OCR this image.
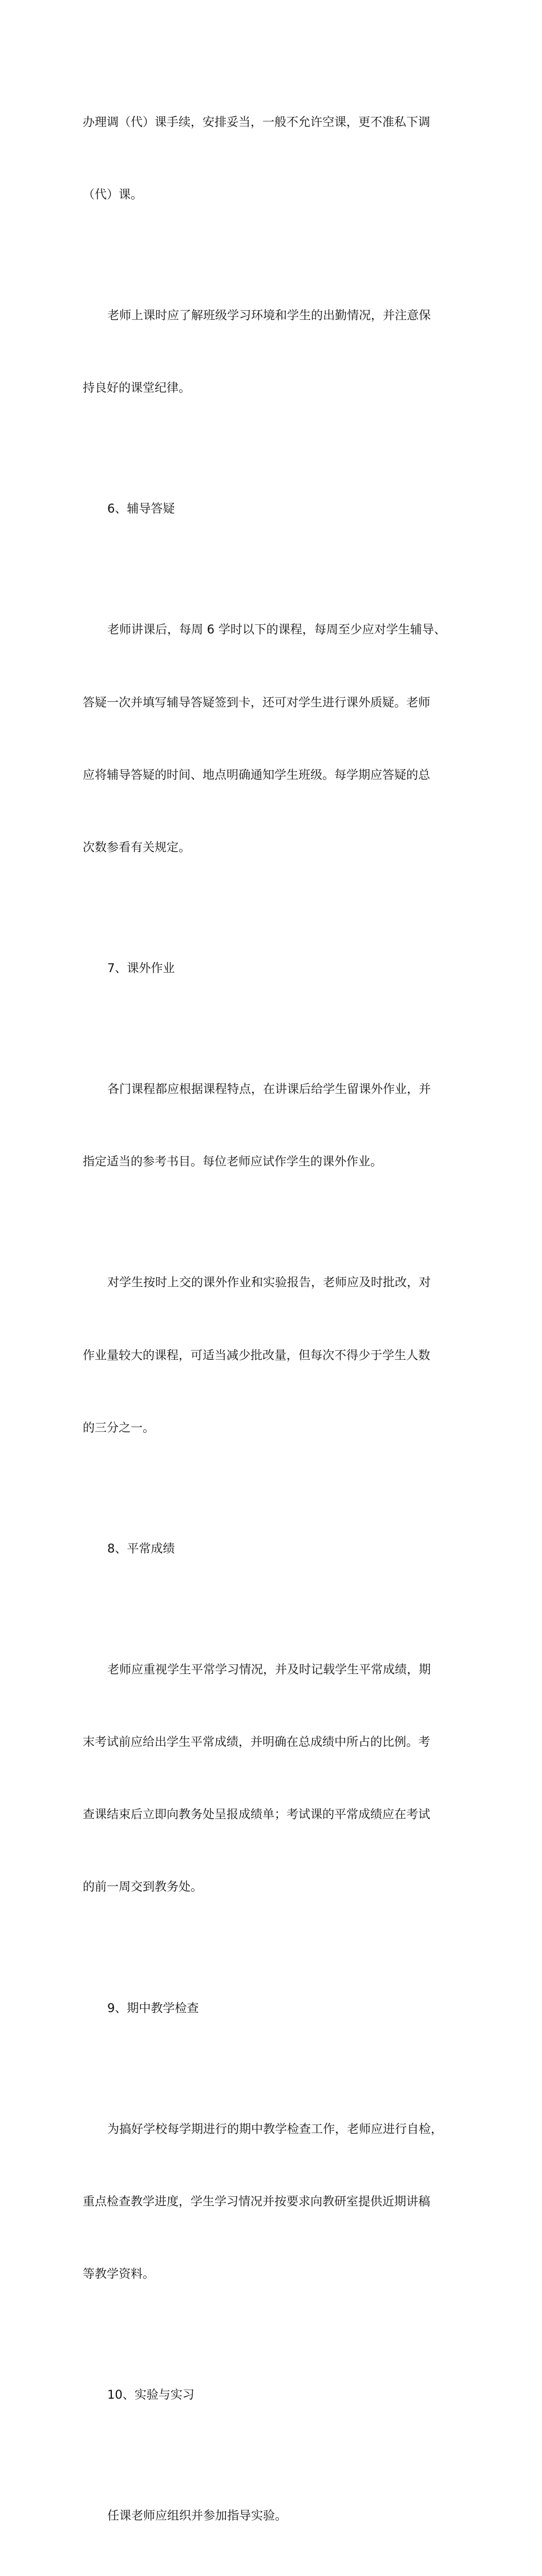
办理调（代）课手续，安排妥当，一般不允许空课，更不准私下调

（代）课。

老师上课时应了解班级学习环境和学生的出勤情况，并注意保

持良好的课堂纪律。

6、辅导答疑

老师讲课后，每周 6 学时以下的课程，每周至少应对学生辅导、

答疑一次并填写辅导答疑签到卡，还可对学生进行课外质疑。老师

应将辅导答疑的时间、地点明确通知学生班级。每学期应答疑的总

次数参看有关规定。

7、课外作业

各门课程都应根据课程特点，在讲课后给学生留课外作业，并

指定适当的参考书目。每位老师应试作学生的课外作业。

对学生按时上交的课外作业和实验报告，老师应及时批改，对

作业量较大的课程，可适当减少批改量，但每次不得少于学生人数

的三分之一。

8、平常成绩

老师应重视学生平常学习情况，并及时记载学生平常成绩，期

末考试前应给出学生平常成绩，并明确在总成绩中所占的比例。考

查课结束后立即向教务处呈报成绩单；考试课的平常成绩应在考试

的前一周交到教务处。

9、期中教学检查

为搞好学校每学期进行的期中教学检查工作，老师应进行自检，

重点检查教学进度，学生学习情况并按要求向教研室提供近期讲稿

等教学资料。

10、实验与实习

任课老师应组织并参加指导实验。
